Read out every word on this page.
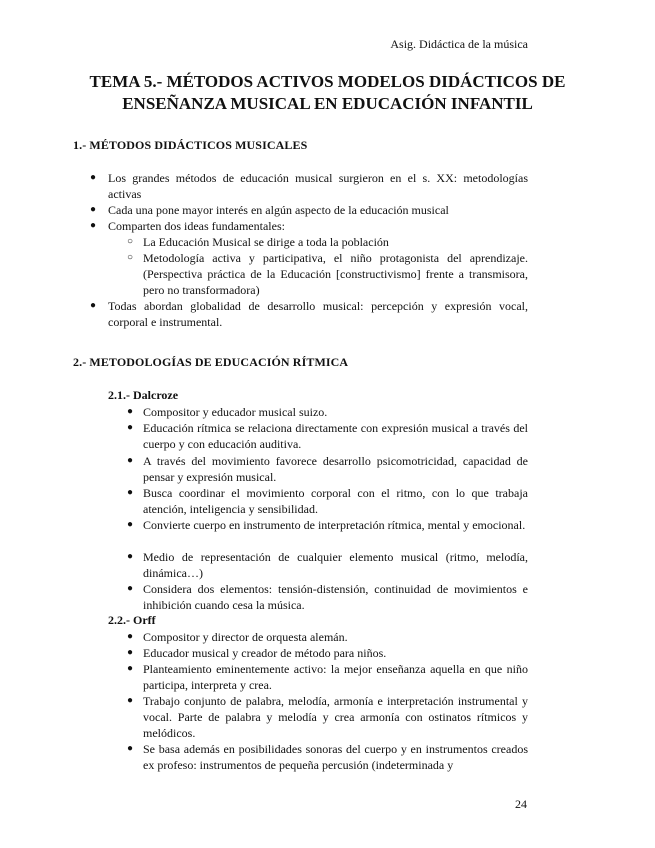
Asig. Didáctica de la música
TEMA 5.- MÉTODOS ACTIVOS MODELOS DIDÁCTICOS DE ENSEÑANZA MUSICAL EN EDUCACIÓN INFANTIL
1.- MÉTODOS DIDÁCTICOS MUSICALES
● Los grandes métodos de educación musical surgieron en el s. XX: metodologías activas
● Cada una pone mayor interés en algún aspecto de la educación musical
● Comparten dos ideas fundamentales:
○ La Educación Musical se dirige a toda la población
○ Metodología activa y participativa, el niño protagonista del aprendizaje. (Perspectiva práctica de la Educación [constructivismo] frente a transmisora, pero no transformadora)
● Todas abordan globalidad de desarrollo musical: percepción y expresión vocal, corporal e instrumental.
2.- METODOLOGÍAS DE EDUCACIÓN RÍTMICA
2.1.- Dalcroze
● Compositor y educador musical suizo.
● Educación rítmica se relaciona directamente con expresión musical a través del cuerpo y con educación auditiva.
● A través del movimiento favorece desarrollo psicomotricidad, capacidad de pensar y expresión musical.
● Busca coordinar el movimiento corporal con el ritmo, con lo que trabaja atención, inteligencia y sensibilidad.
● Convierte cuerpo en instrumento de interpretación rítmica, mental y emocional.
● Medio de representación de cualquier elemento musical (ritmo, melodía, dinámica…)
● Considera dos elementos: tensión-distensión, continuidad de movimientos e inhibición cuando cesa la música.
2.2.- Orff
● Compositor y director de orquesta alemán.
● Educador musical y creador de método para niños.
● Planteamiento eminentemente activo: la mejor enseñanza aquella en que niño participa, interpreta y crea.
● Trabajo conjunto de palabra, melodía, armonía e interpretación instrumental y vocal. Parte de palabra y melodía y crea armonía con ostinatos rítmicos y melódicos.
● Se basa además en posibilidades sonoras del cuerpo y en instrumentos creados ex profeso: instrumentos de pequeña percusión (indeterminada y
24
